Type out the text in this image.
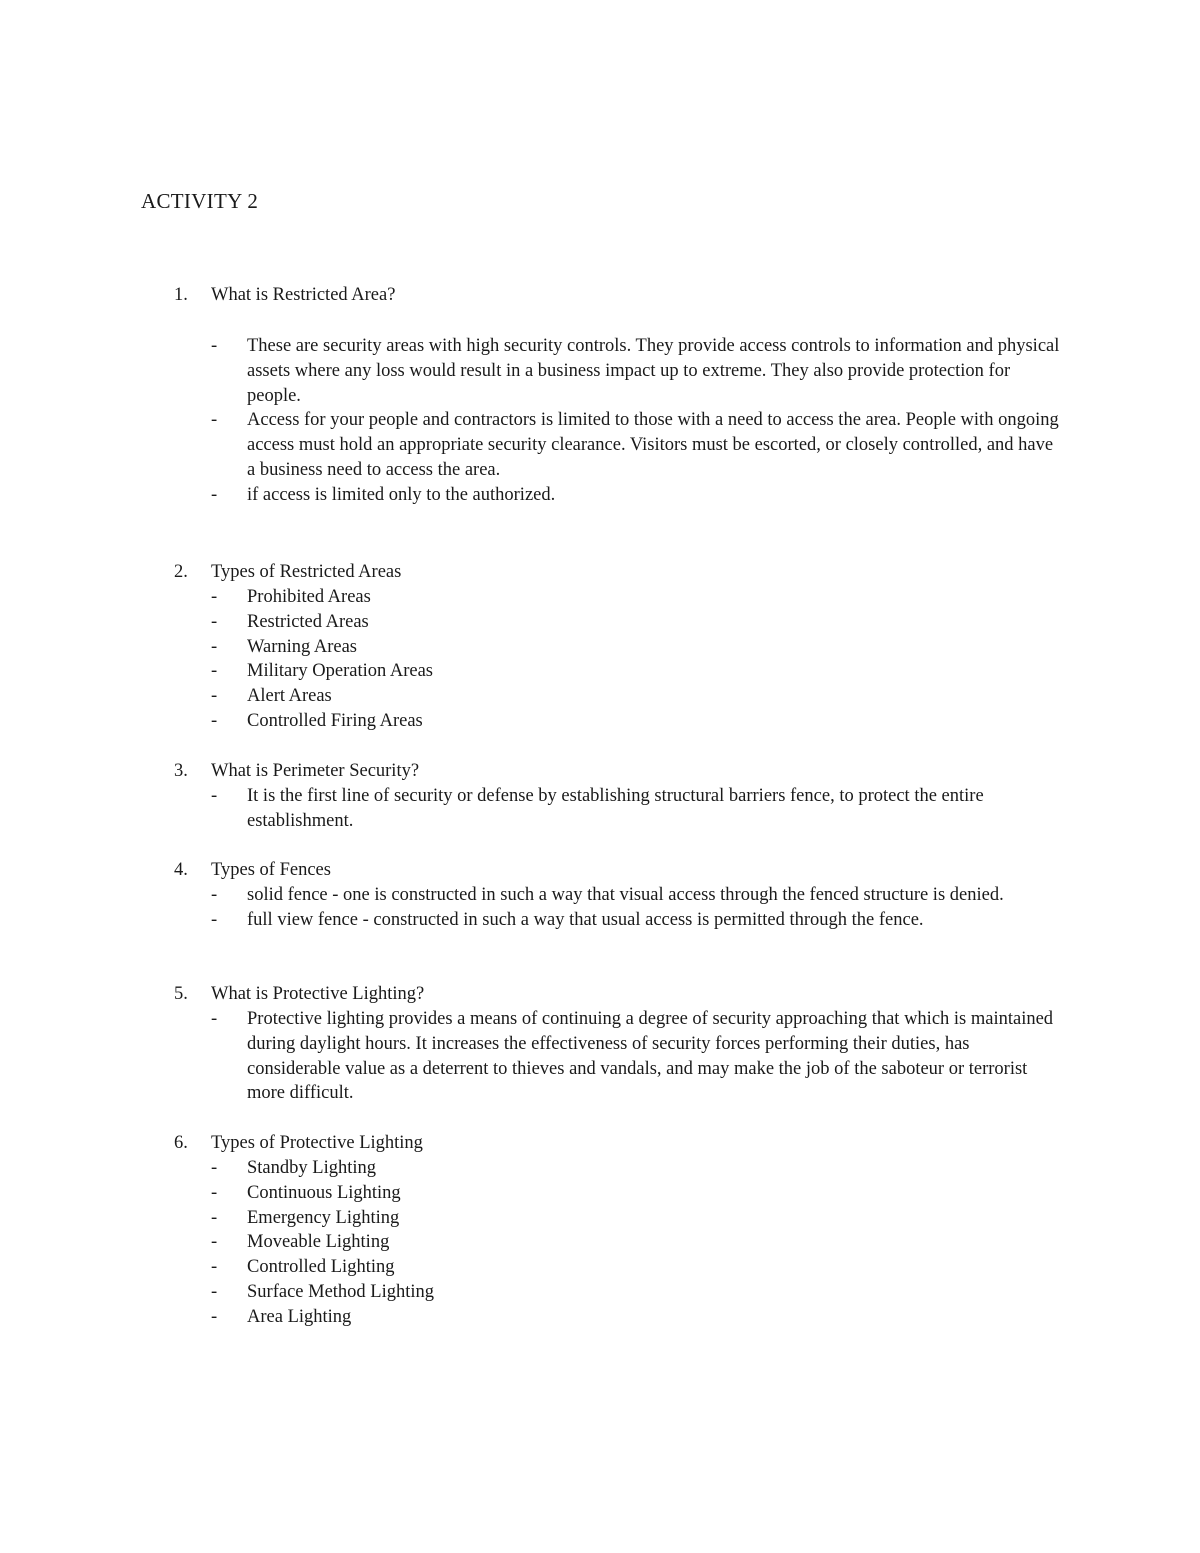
ACTIVITY 2
1.	What is Restricted Area?
- These are security areas with high security controls. They provide access controls to information and physical assets where any loss would result in a business impact up to extreme. They also provide protection for people.
- Access for your people and contractors is limited to those with a need to access the area. People with ongoing access must hold an appropriate security clearance. Visitors must be escorted, or closely controlled, and have a business need to access the area.
- if access is limited only to the authorized.
2.	Types of Restricted Areas
- Prohibited Areas
- Restricted Areas
- Warning Areas
- Military Operation Areas
- Alert Areas
- Controlled Firing Areas
3.	What is Perimeter Security?
- It is the first line of security or defense by establishing structural barriers fence, to protect the entire establishment.
4.	Types of Fences
- solid fence - one is constructed in such a way that visual access through the fenced structure is denied.
- full view fence - constructed in such a way that usual access is permitted through the fence.
5.	What is Protective Lighting?
- Protective lighting provides a means of continuing a degree of security approaching that which is maintained during daylight hours. It increases the effectiveness of security forces performing their duties, has considerable value as a deterrent to thieves and vandals, and may make the job of the saboteur or terrorist more difficult.
6.	Types of Protective Lighting
- Standby Lighting
- Continuous Lighting
- Emergency Lighting
- Moveable Lighting
- Controlled Lighting
- Surface Method Lighting
- Area Lighting
